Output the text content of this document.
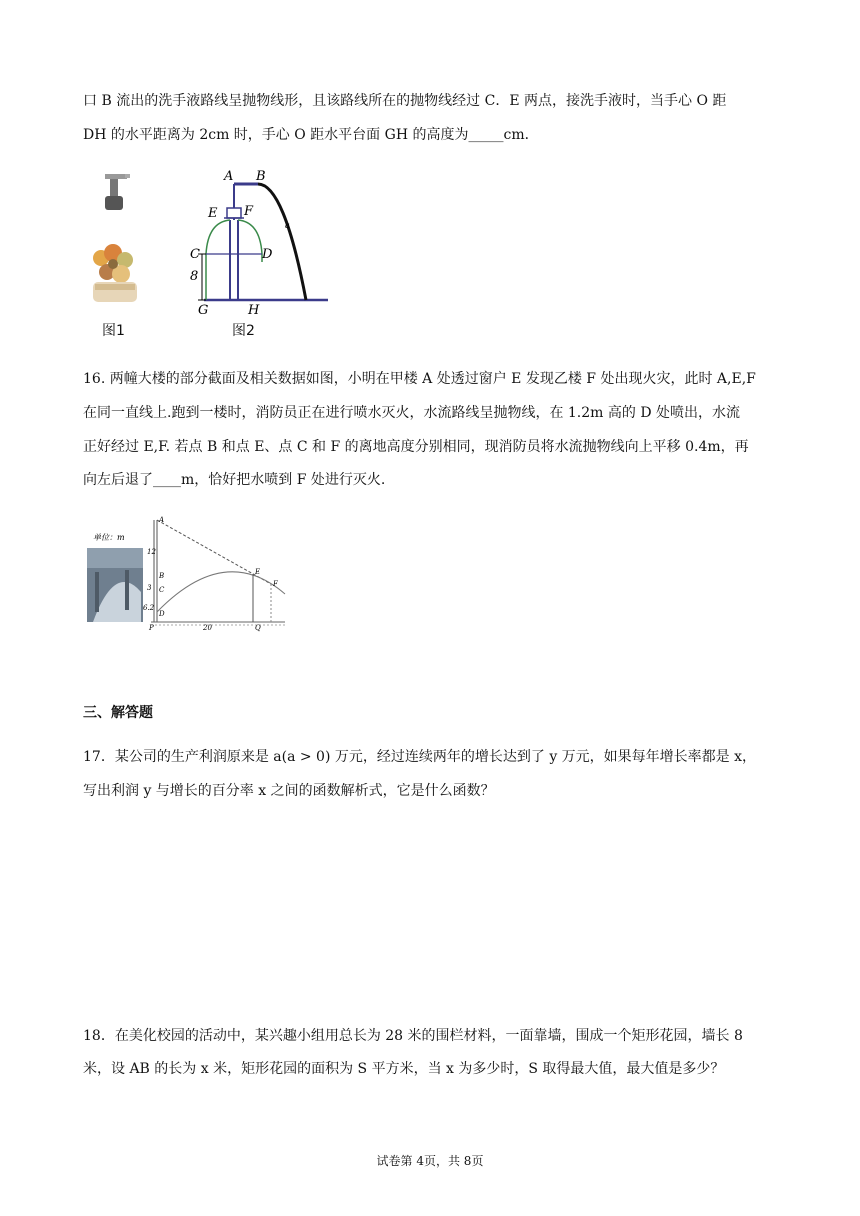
口 B 流出的洗手液路线呈抛物线形，且该路线所在的抛物线经过 C．E 两点，接洗手液时，当手心 O 距
DH 的水平距离为 2cm 时，手心 O 距水平台面 GH 的高度为_____cm．
图1
a
A B
E F
C	D
8
G	H
图2
16. 两幢大楼的部分截面及相关数据如图，小明在甲楼 A 处透过窗户 E 发现乙楼 F 处出现火灾，此时 A,E,F
在同一直线上.跑到一楼时，消防员正在进行喷水灭火，水流路线呈抛物线，在 1.2m 高的 D 处喷出，水流
正好经过 E,F. 若点 B 和点 E、点 C 和 F 的离地高度分别相同，现消防员将水流抛物线向上平移 0.4m，再
向左后退了____m，恰好把水喷到 F 处进行灭火.
单位：m
12
3
6.2
20
A
B
C
D
E
F
P	Q
三、解答题
17．某公司的生产利润原来是 a(a > 0) 万元，经过连续两年的增长达到了 y 万元，如果每年增长率都是 x，
写出利润 y 与增长的百分率 x 之间的函数解析式，它是什么函数？
18．在美化校园的活动中，某兴趣小组用总长为 28 米的围栏材料，一面靠墙，围成一个矩形花园，墙长 8
米，设 AB 的长为 x 米，矩形花园的面积为 S 平方米，当 x 为多少时，S 取得最大值，最大值是多少？
试卷第 4页，共 8页
